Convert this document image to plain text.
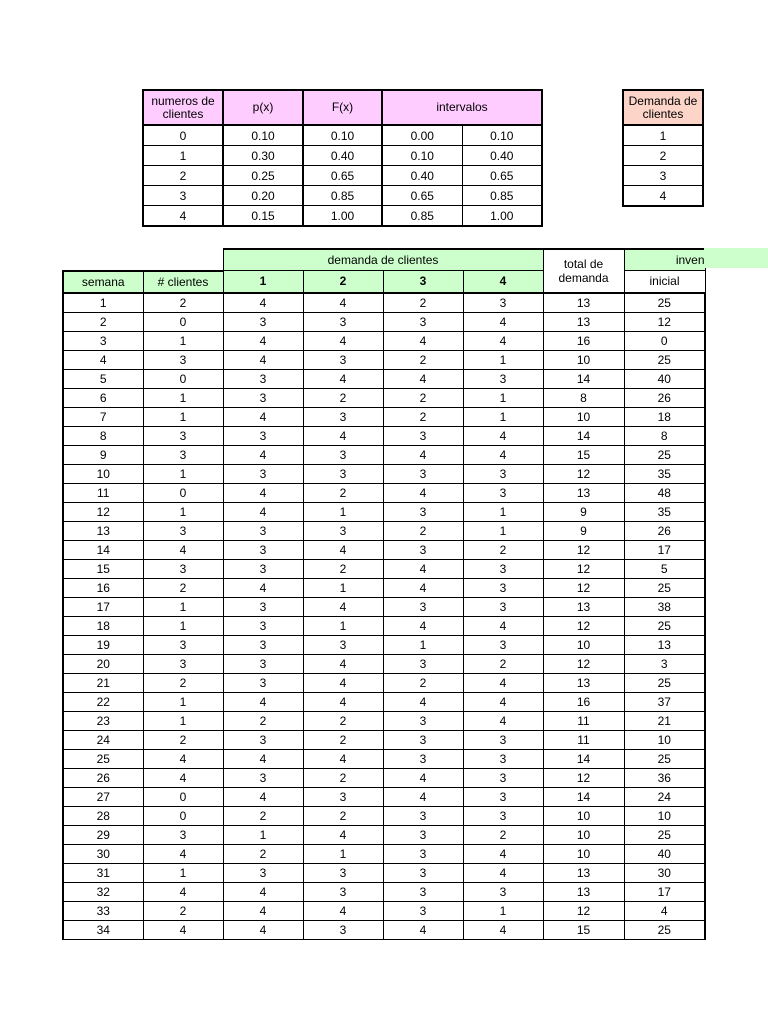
numeros de clientes	p(x)	F(x)	intervalos	
0	0.10	0.10	0.00	0.10
1	0.30	0.40	0.10	0.40
2	0.25	0.65	0.40	0.65
3	0.20	0.85	0.65	0.85
4	0.15	1.00	0.85	1.00
Demanda de clientes
1
2
3
4
		demanda de clientes				total de demanda	inven
semana	# clientes	1	2	3	4		inicial
1	2	4	4	2	3	13	25
2	0	3	3	3	4	13	12
3	1	4	4	4	4	16	0
4	3	4	3	2	1	10	25
5	0	3	4	4	3	14	40
6	1	3	2	2	1	8	26
7	1	4	3	2	1	10	18
8	3	3	4	3	4	14	8
9	3	4	3	4	4	15	25
10	1	3	3	3	3	12	35
11	0	4	2	4	3	13	48
12	1	4	1	3	1	9	35
13	3	3	3	2	1	9	26
14	4	3	4	3	2	12	17
15	3	3	2	4	3	12	5
16	2	4	1	4	3	12	25
17	1	3	4	3	3	13	38
18	1	3	1	4	4	12	25
19	3	3	3	1	3	10	13
20	3	3	4	3	2	12	3
21	2	3	4	2	4	13	25
22	1	4	4	4	4	16	37
23	1	2	2	3	4	11	21
24	2	3	2	3	3	11	10
25	4	4	4	3	3	14	25
26	4	3	2	4	3	12	36
27	0	4	3	4	3	14	24
28	0	2	2	3	3	10	10
29	3	1	4	3	2	10	25
30	4	2	1	3	4	10	40
31	1	3	3	3	4	13	30
32	4	4	3	3	3	13	17
33	2	4	4	3	1	12	4
34	4	4	3	4	4	15	25
